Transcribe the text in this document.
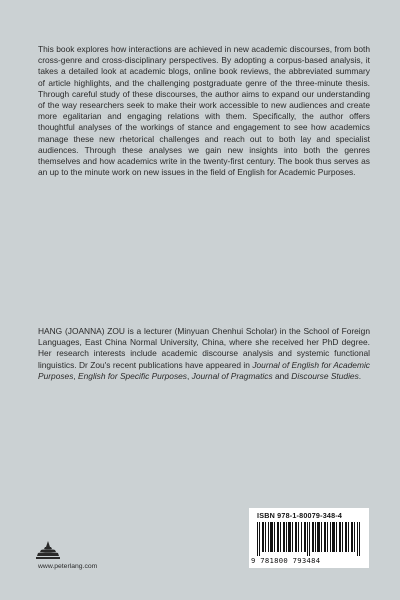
This book explores how interactions are achieved in new academic discourses, from both cross-genre and cross-disciplinary perspectives. By adopting a corpus-based analysis, it takes a detailed look at academic blogs, online book reviews, the abbreviated summary of article highlights, and the challenging postgraduate genre of the three-minute thesis. Through careful study of these discourses, the author aims to expand our understanding of the way researchers seek to make their work accessible to new audiences and create more egalitarian and engaging relations with them. Specifically, the author offers thoughtful analyses of the workings of stance and engagement to see how academics manage these new rhetorical challenges and reach out to both lay and specialist audiences. Through these analyses we gain new insights into both the genres themselves and how academics write in the twenty-first century. The book thus serves as an up to the minute work on new issues in the field of English for Academic Purposes.

HANG (JOANNA) ZOU is a lecturer (Minyuan Chenhui Scholar) in the School of Foreign Languages, East China Normal University, China, where she received her PhD degree. Her research interests include academic discourse analysis and systemic functional linguistics. Dr Zou's recent publications have appeared in Journal of English for Academic Purposes, English for Specific Purposes, Journal of Pragmatics and Discourse Studies.

www.peterlang.com
ISBN 978-1-80079-348-4
9 781800 793484
